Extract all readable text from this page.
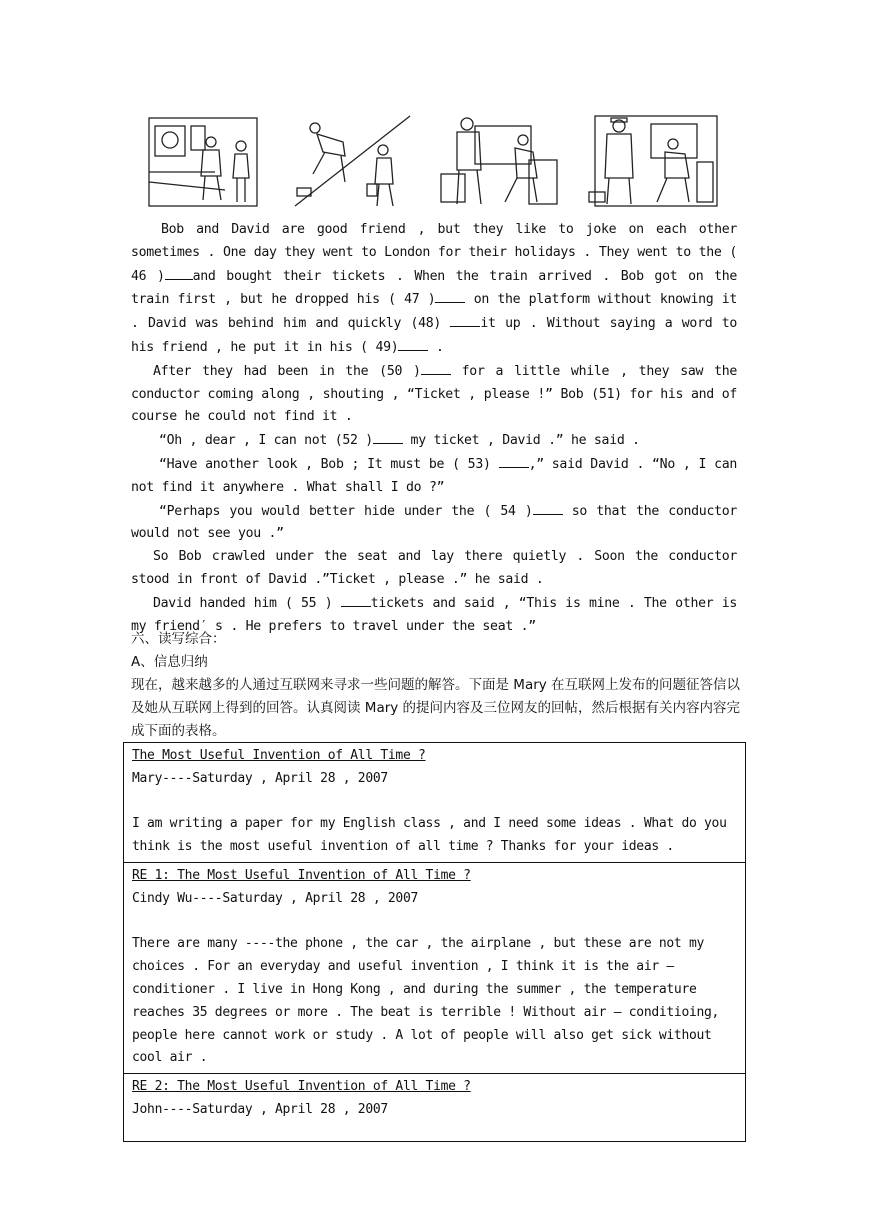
Bob and David are good friend , but they like to joke on each other sometimes . One day they went to London for their holidays . They went to the ( 46 ) and bought their tickets . When the train arrived . Bob got on the train first , but he dropped his ( 47 ) on the platform without knowing it . David was behind him and quickly (48) it up . Without saying a word to his friend , he put it in his ( 49) .

After they had been in the (50 ) for a little while , they saw the conductor coming along , shouting , “Ticket , please !” Bob (51) for his and of course he could not find it .

“Oh , dear , I can not (52 ) my ticket , David .” he said .

“Have another look , Bob ; It must be ( 53) ,” said David . “No , I can not find it anywhere . What shall I do ?”

“Perhaps you would better hide under the ( 54 ) so that the conductor would not see you .”

So Bob crawled under the seat and lay there quietly . Soon the conductor stood in front of David .”Ticket , please .” he said .

David handed him ( 55 ) tickets and said , “This is mine . The other is my friend′ s . He prefers to travel under the seat .”

六、读写综合：
A、信息归纳
现在，越来越多的人通过互联网来寻求一些问题的解答。下面是 Mary 在互联网上发布的问题征答信以及她从互联网上得到的回答。认真阅读 Mary 的提问内容及三位网友的回帖，然后根据有关内容内容完成下面的表格。
The Most Useful Invention of All Time ?
Mary----Saturday , April 28 , 2007
I am writing a paper for my English class , and I need some ideas . What do you think is the most useful invention of all time ? Thanks for your ideas .
RE 1: The Most Useful Invention of All Time ?
Cindy Wu----Saturday , April 28 , 2007
There are many ----the phone , the car , the airplane , but these are not my choices . For an everyday and useful invention , I think it is the air – conditioner . I live in Hong Kong , and during the summer , the temperature reaches 35 degrees or more . The beat is terrible ! Without air – conditioing, people here cannot work or study . A lot of people will also get sick without cool air .
RE 2: The Most Useful Invention of All Time ?
John----Saturday , April 28 , 2007
